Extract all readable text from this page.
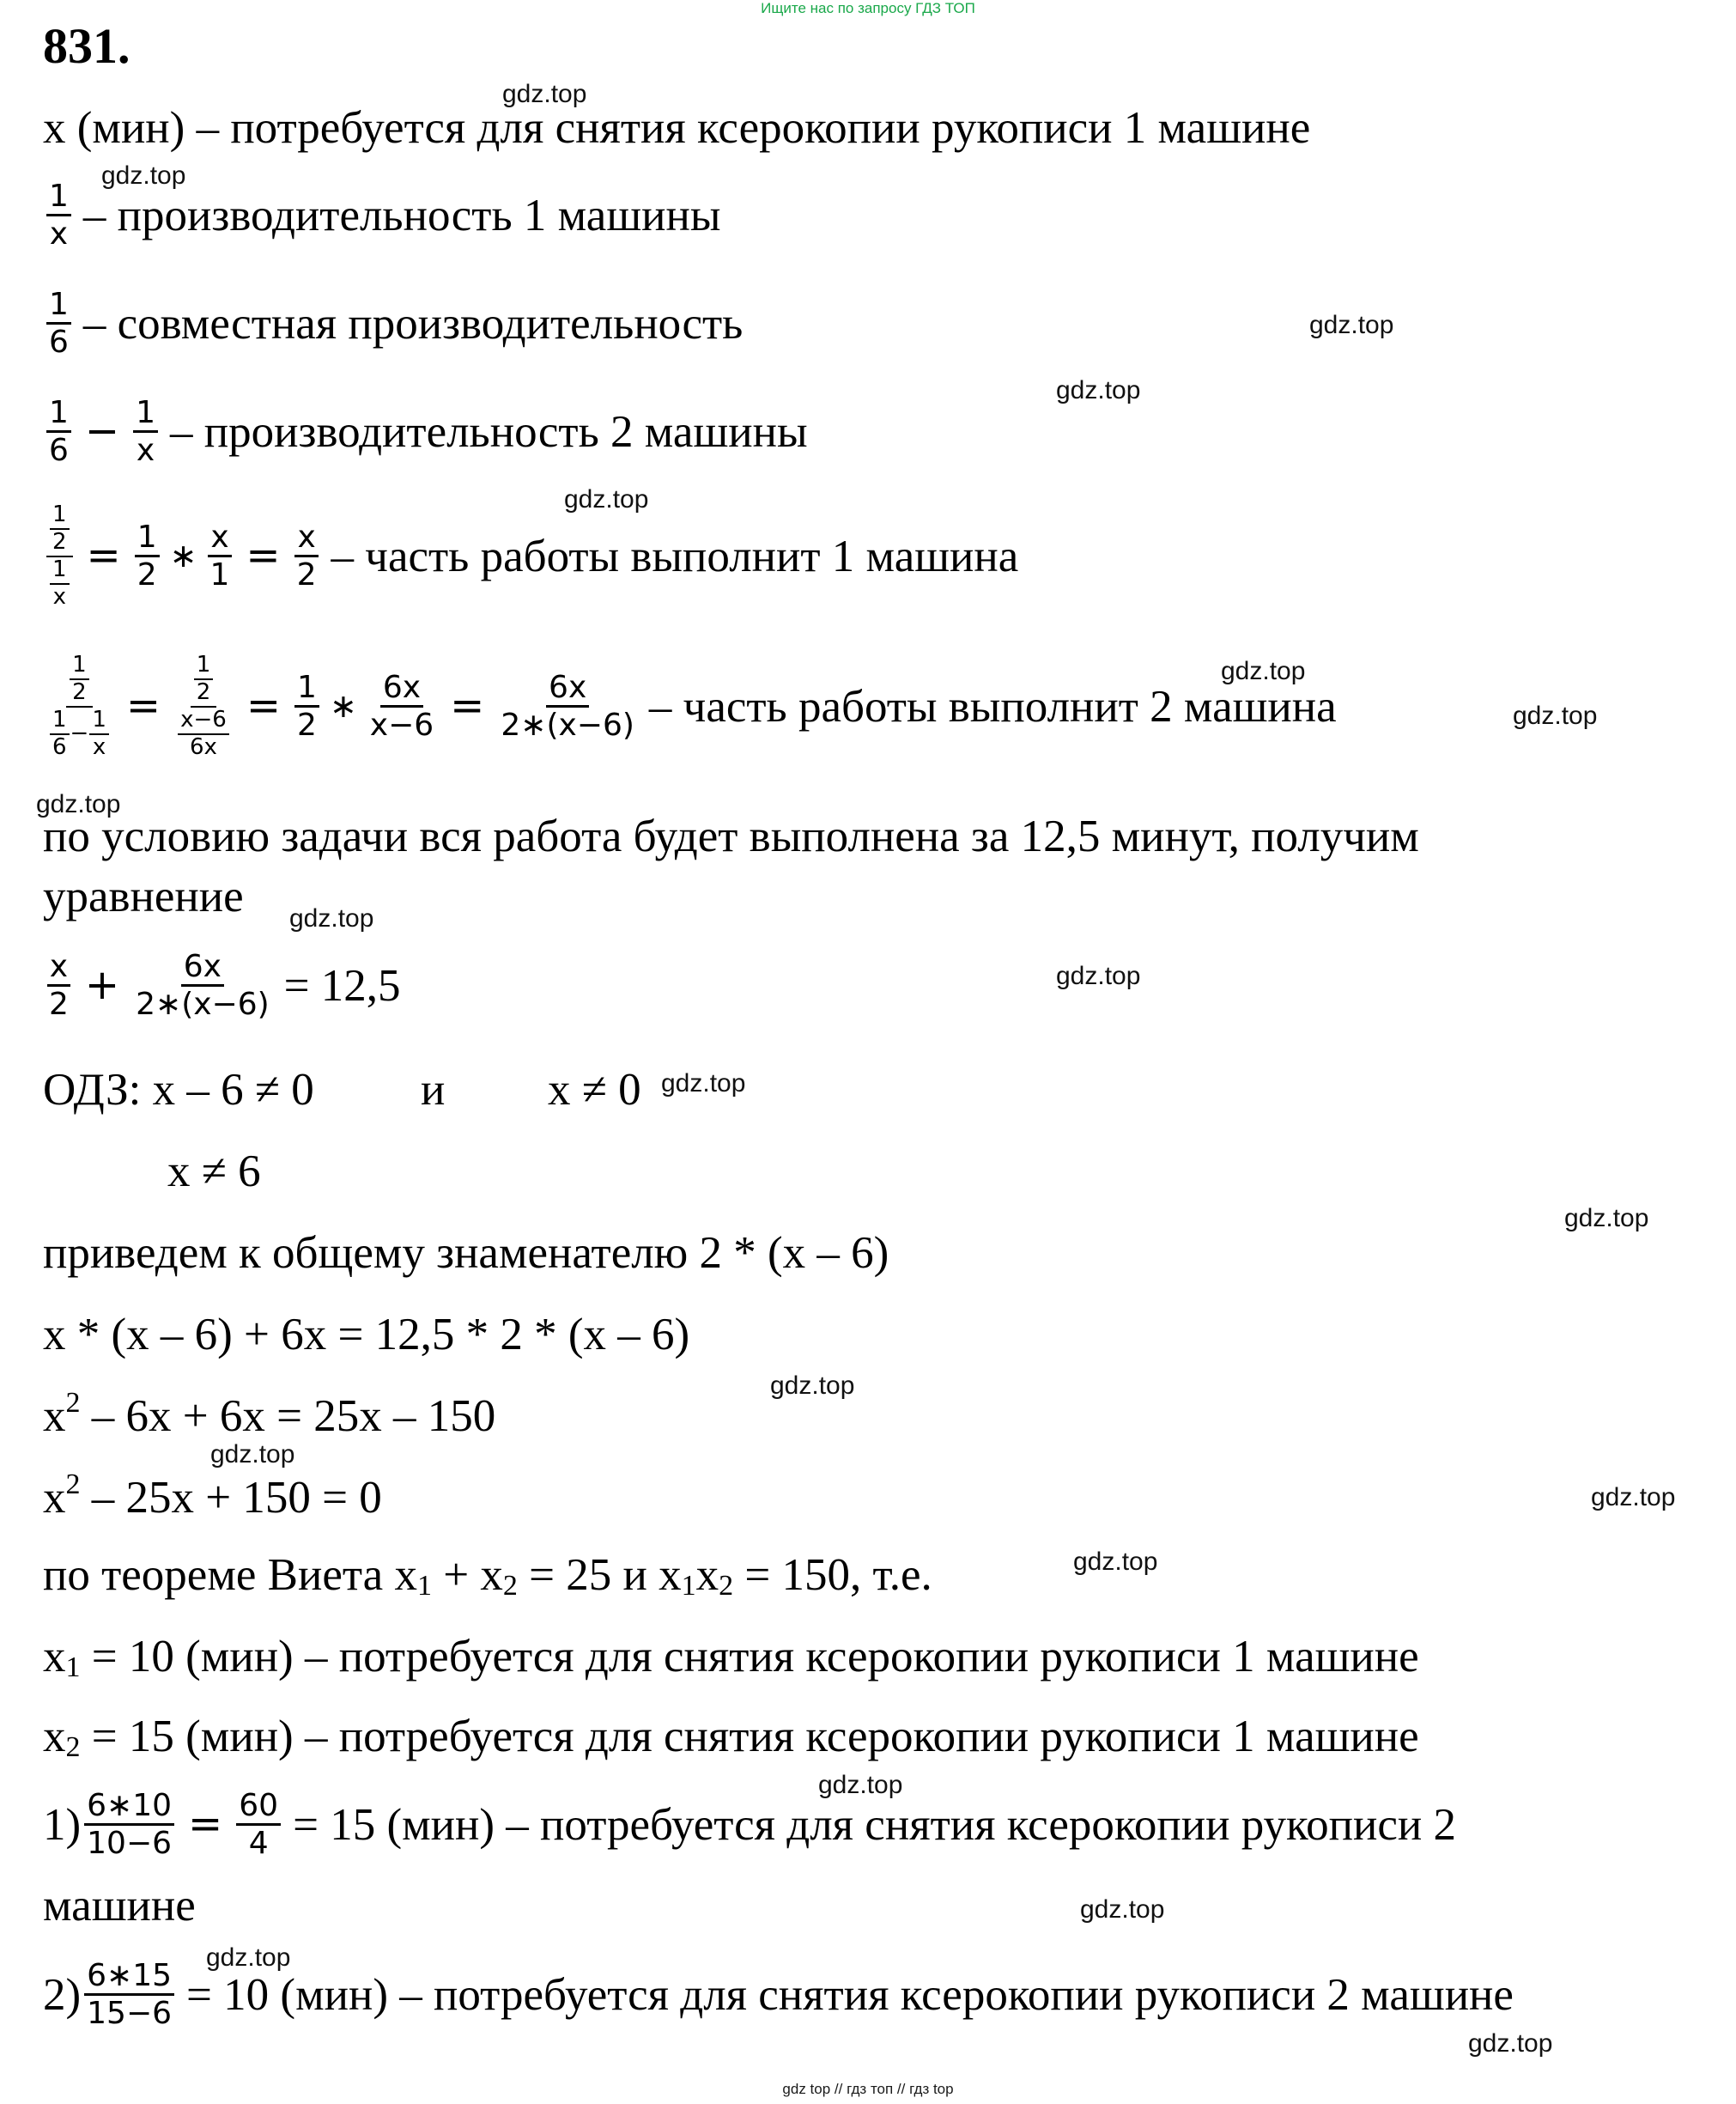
Ищите нас по запросу ГДЗ ТОП
831.
x (мин) – потребуется для снятия ксерокопии рукописи 1 машине
$\frac{1}{x}$ – производительность 1 машины
$\frac{1}{6}$ – совместная производительность
$\frac{1}{6} - \frac{1}{x}$ – производительность 2 машины
$\frac{\frac{1}{2}}{\frac{1}{x}} = \frac{1}{2}$ ∗ $\frac{x}{1} = \frac{x}{2}$ – часть работы выполнит 1 машина
$\frac{\frac{1}{2}}{\frac{1}{6} - \frac{1}{x}} = \frac{\frac{1}{2}}{\frac{x-6}{6x}} = \frac{1}{2}$ ∗ $\frac{6x}{x-6} = \frac{6x}{2∗(x-6)}$ – часть работы выполнит 2 машина
по условию задачи вся работа будет выполнена за 12,5 минут, получим
уравнение
$\frac{x}{2} + \frac{6x}{2∗(x-6)} = 12,5$
ОДЗ: x – 6 ≠ 0 и x ≠ 0
x ≠ 6
приведем к общему знаменателю 2 * (x – 6)
x * (x – 6) + 6x = 12,5 * 2 * (x – 6)
$x^2 - 6x + 6x = 25x - 150$
$x^2 - 25x + 150 = 0$
по теореме Виета $x_1 + x_2 = 25$ и $x_1x_2 = 150$, т.е.
$x_1 = 10$ (мин) – потребуется для снятия ксерокопии рукописи 1 машине
$x_2 = 15$ (мин) – потребуется для снятия ксерокопии рукописи 1 машине
$1) \frac{6∗10}{10-6} = \frac{60}{4} = 15$ (мин) – потребуется для снятия ксерокопии рукописи 2
машине
$2) \frac{6∗15}{15-6} = 10$ (мин) – потребуется для снятия ксерокопии рукописи 2 машине
gdz.top
gdz.top
gdz.top
gdz.top
gdz.top
gdz.top
gdz.top
gdz.top
gdz.top
gdz.top
gdz.top
gdz.top
gdz.top
gdz.top
gdz.top
gdz.top
gdz.top
gdz.top
gdz.top
gdz.top
gdz top // гдз топ // гдз top
